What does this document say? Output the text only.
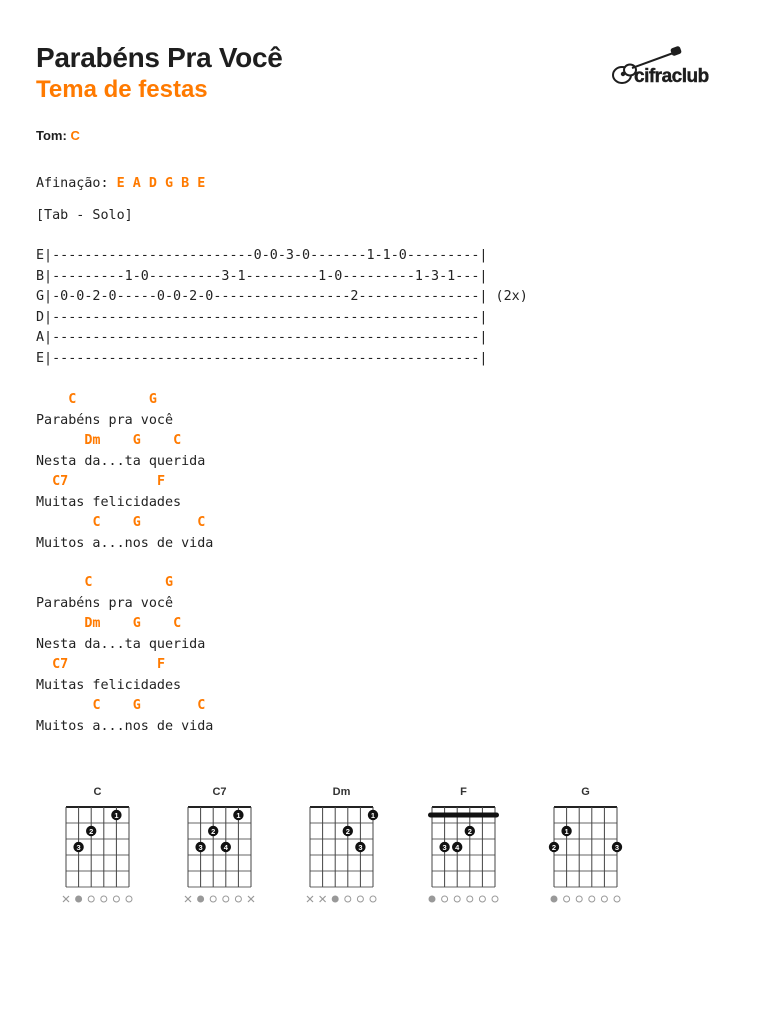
Parabéns Pra Você
Tema de festas	cifraclub
Tom: C
Afinação: E A D G B E
[Tab - Solo]
E|-------------------------0-0-3-0-------1-1-0---------|
B|---------1-0---------3-1---------1-0---------1-3-1---|
G|-0-0-2-0-----0-0-2-0-----------------2---------------| (2x)
D|-----------------------------------------------------|
A|-----------------------------------------------------|
E|-----------------------------------------------------|
C	G
Parabéns pra você
Dm G C
Nesta da...ta querida
C7	F
Muitas felicidades
C G	C
Muitos a...nos de vida
C	G
Parabéns pra você
Dm G C
Nesta da...ta querida
C7	F
Muitas felicidades
C G	C
Muitos a...nos de vida
C
1
2
3
C7
1
2
3	4
Dm
1
2
3
F
2
3 4
G
1
2	3
